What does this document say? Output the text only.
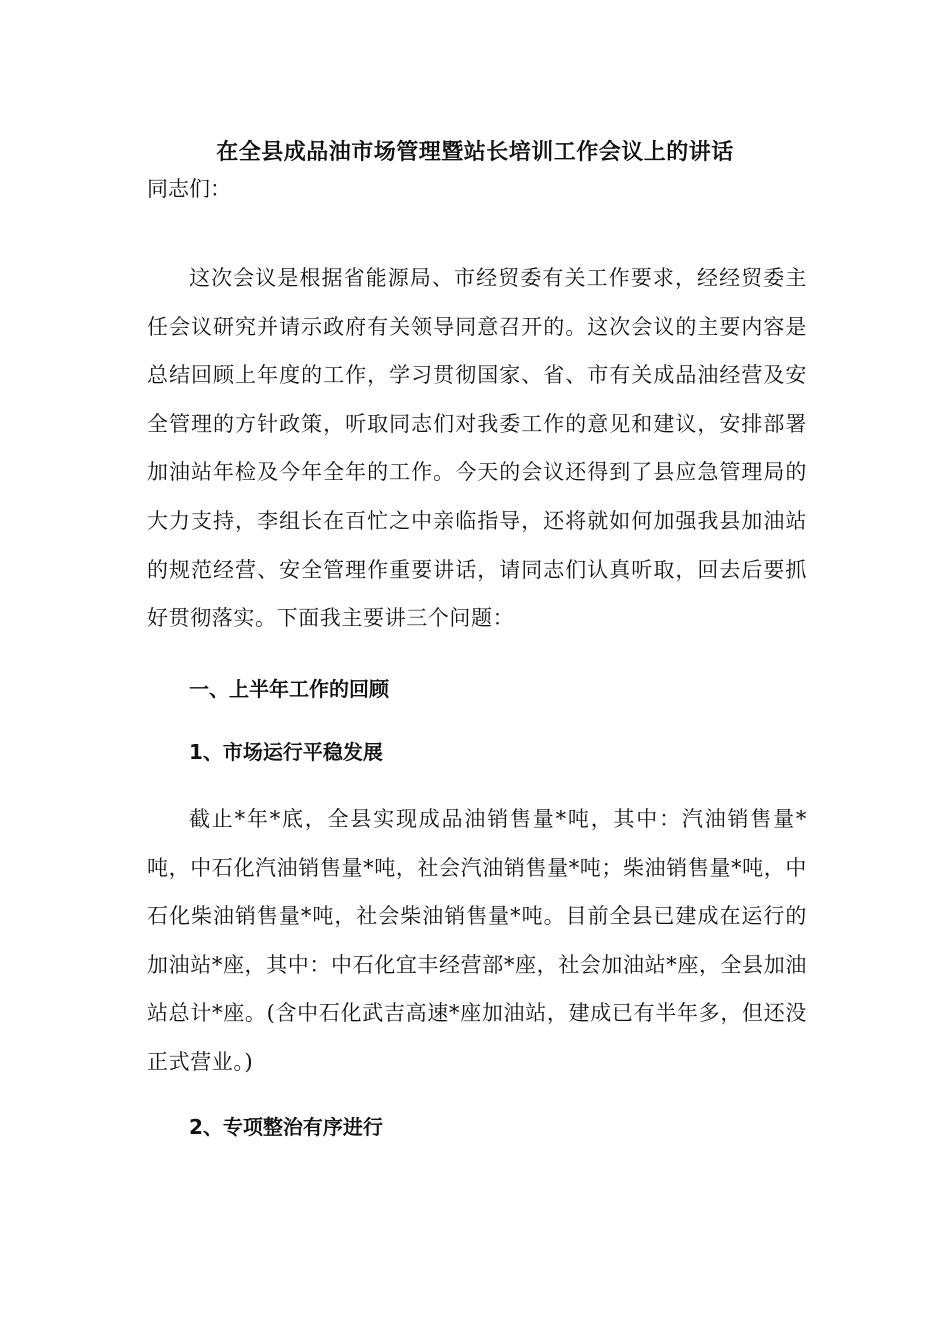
在全县成品油市场管理暨站长培训工作会议上的讲话
同志们：

这次会议是根据省能源局、市经贸委有关工作要求，经经贸委主任会议研究并请示政府有关领导同意召开的。这次会议的主要内容是总结回顾上年度的工作，学习贯彻国家、省、市有关成品油经营及安全管理的方针政策，听取同志们对我委工作的意见和建议，安排部署加油站年检及今年全年的工作。今天的会议还得到了县应急管理局的大力支持，李组长在百忙之中亲临指导，还将就如何加强我县加油站的规范经营、安全管理作重要讲话，请同志们认真听取，回去后要抓好贯彻落实。下面我主要讲三个问题：

一、上半年工作的回顾
1、市场运行平稳发展

截止*年*底，全县实现成品油销售量*吨，其中：汽油销售量*吨，中石化汽油销售量*吨，社会汽油销售量*吨；柴油销售量*吨，中石化柴油销售量*吨，社会柴油销售量*吨。目前全县已建成在运行的加油站*座，其中：中石化宜丰经营部*座，社会加油站*座，全县加油站总计*座。(含中石化武吉高速*座加油站，建成已有半年多，但还没正式营业。)

2、专项整治有序进行
